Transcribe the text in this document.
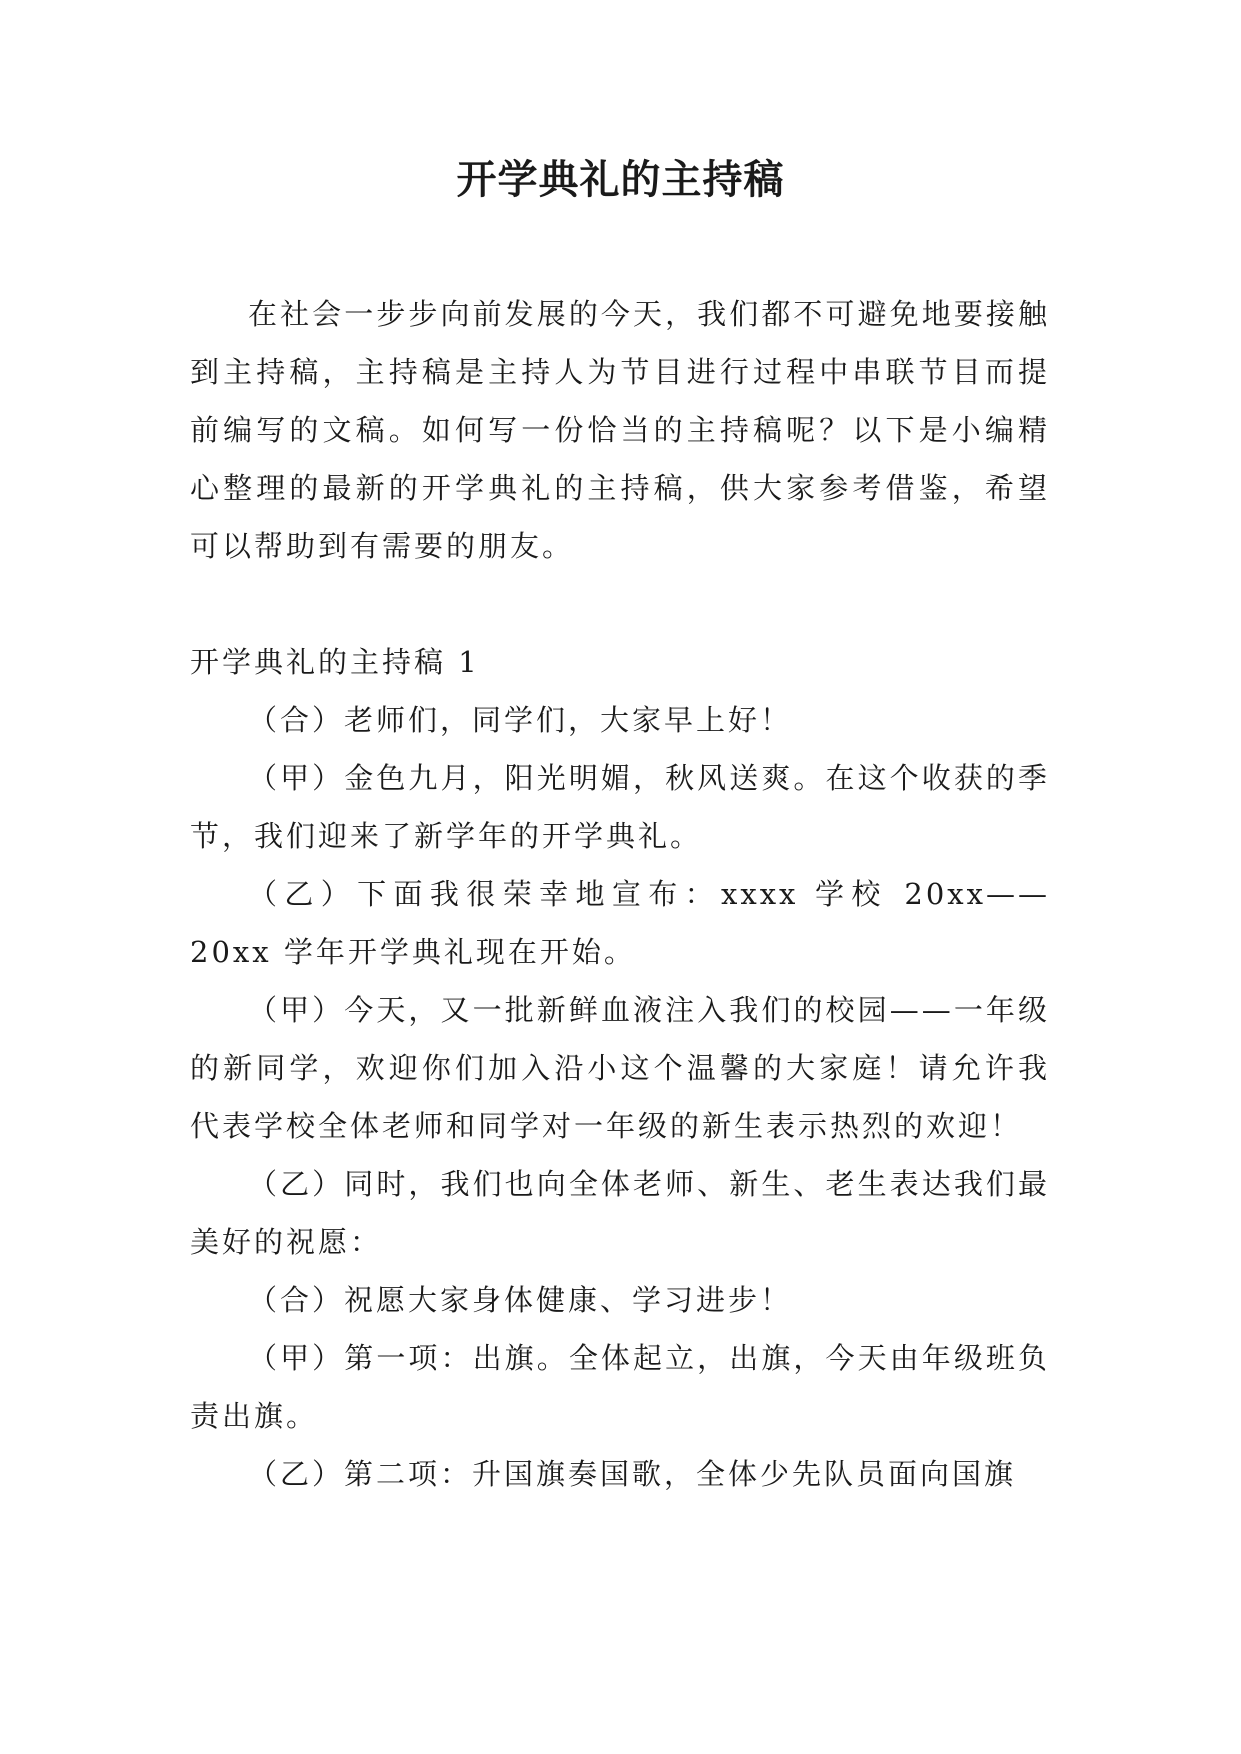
开学典礼的主持稿

在社会一步步向前发展的今天，我们都不可避免地要接触到主持稿，主持稿是主持人为节目进行过程中串联节目而提前编写的文稿。如何写一份恰当的主持稿呢？以下是小编精心整理的最新的开学典礼的主持稿，供大家参考借鉴，希望可以帮助到有需要的朋友。

开学典礼的主持稿 1

（合）老师们，同学们，大家早上好！

（甲）金色九月，阳光明媚，秋风送爽。在这个收获的季节，我们迎来了新学年的开学典礼。

（乙）下面我很荣幸地宣布：xxxx 学校 20xx——20xx 学年开学典礼现在开始。

（甲）今天，又一批新鲜血液注入我们的校园——一年级的新同学，欢迎你们加入沿小这个温馨的大家庭！请允许我代表学校全体老师和同学对一年级的新生表示热烈的欢迎！

（乙）同时，我们也向全体老师、新生、老生表达我们最美好的祝愿：

（合）祝愿大家身体健康、学习进步！

（甲）第一项：出旗。全体起立，出旗，今天由年级班负责出旗。

（乙）第二项：升国旗奏国歌，全体少先队员面向国旗
